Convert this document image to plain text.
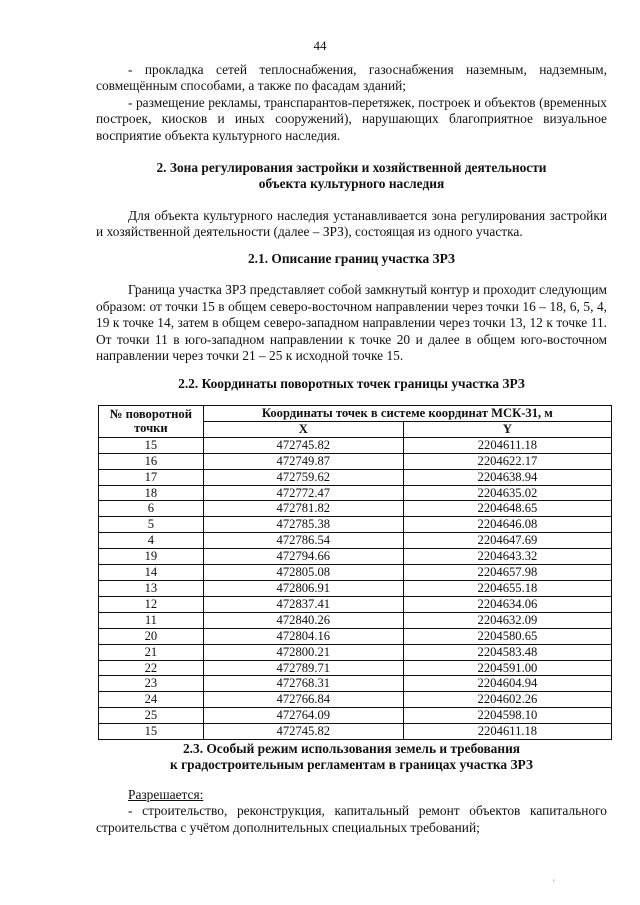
44

- прокладка сетей теплоснабжения, газоснабжения наземным, надземным, совмещённым способами, а также по фасадам зданий;

- размещение рекламы, транспарантов-перетяжек, построек и объектов (временных построек, киосков и иных сооружений), нарушающих благоприятное визуальное восприятие объекта культурного наследия.

2. Зона регулирования застройки и хозяйственной деятельности
объекта культурного наследия

Для объекта культурного наследия устанавливается зона регулирования застройки и хозяйственной деятельности (далее – ЗРЗ), состоящая из одного участка.

2.1. Описание границ участка ЗРЗ

Граница участка ЗРЗ представляет собой замкнутый контур и проходит следующим образом: от точки 15 в общем северо-восточном направлении через точки 16 – 18, 6, 5, 4, 19 к точке 14, затем в общем северо-западном направлении через точки 13, 12 к точке 11. От точки 11 в юго-западном направлении к точке 20 и далее в общем юго-восточном направлении через точки 21 – 25 к исходной точке 15.

2.2. Координаты поворотных точек границы участка ЗРЗ
№ поворотной
точки	Координаты точек в системе координат МСК-31, м	
	X	Y
15	472745.82	2204611.18
16	472749.87	2204622.17
17	472759.62	2204638.94
18	472772.47	2204635.02
6	472781.82	2204648.65
5	472785.38	2204646.08
4	472786.54	2204647.69
19	472794.66	2204643.32
14	472805.08	2204657.98
13	472806.91	2204655.18
12	472837.41	2204634.06
11	472840.26	2204632.09
20	472804.16	2204580.65
21	472800.21	2204583.48
22	472789.71	2204591.00
23	472768.31	2204604.94
24	472766.84	2204602.26
25	472764.09	2204598.10
15	472745.82	2204611.18
2.3. Особый режим использования земель и требования
к градостроительным регламентам в границах участка ЗРЗ

Разрешается:

- строительство, реконструкция, капитальный ремонт объектов капитального строительства с учётом дополнительных специальных требований;

'
